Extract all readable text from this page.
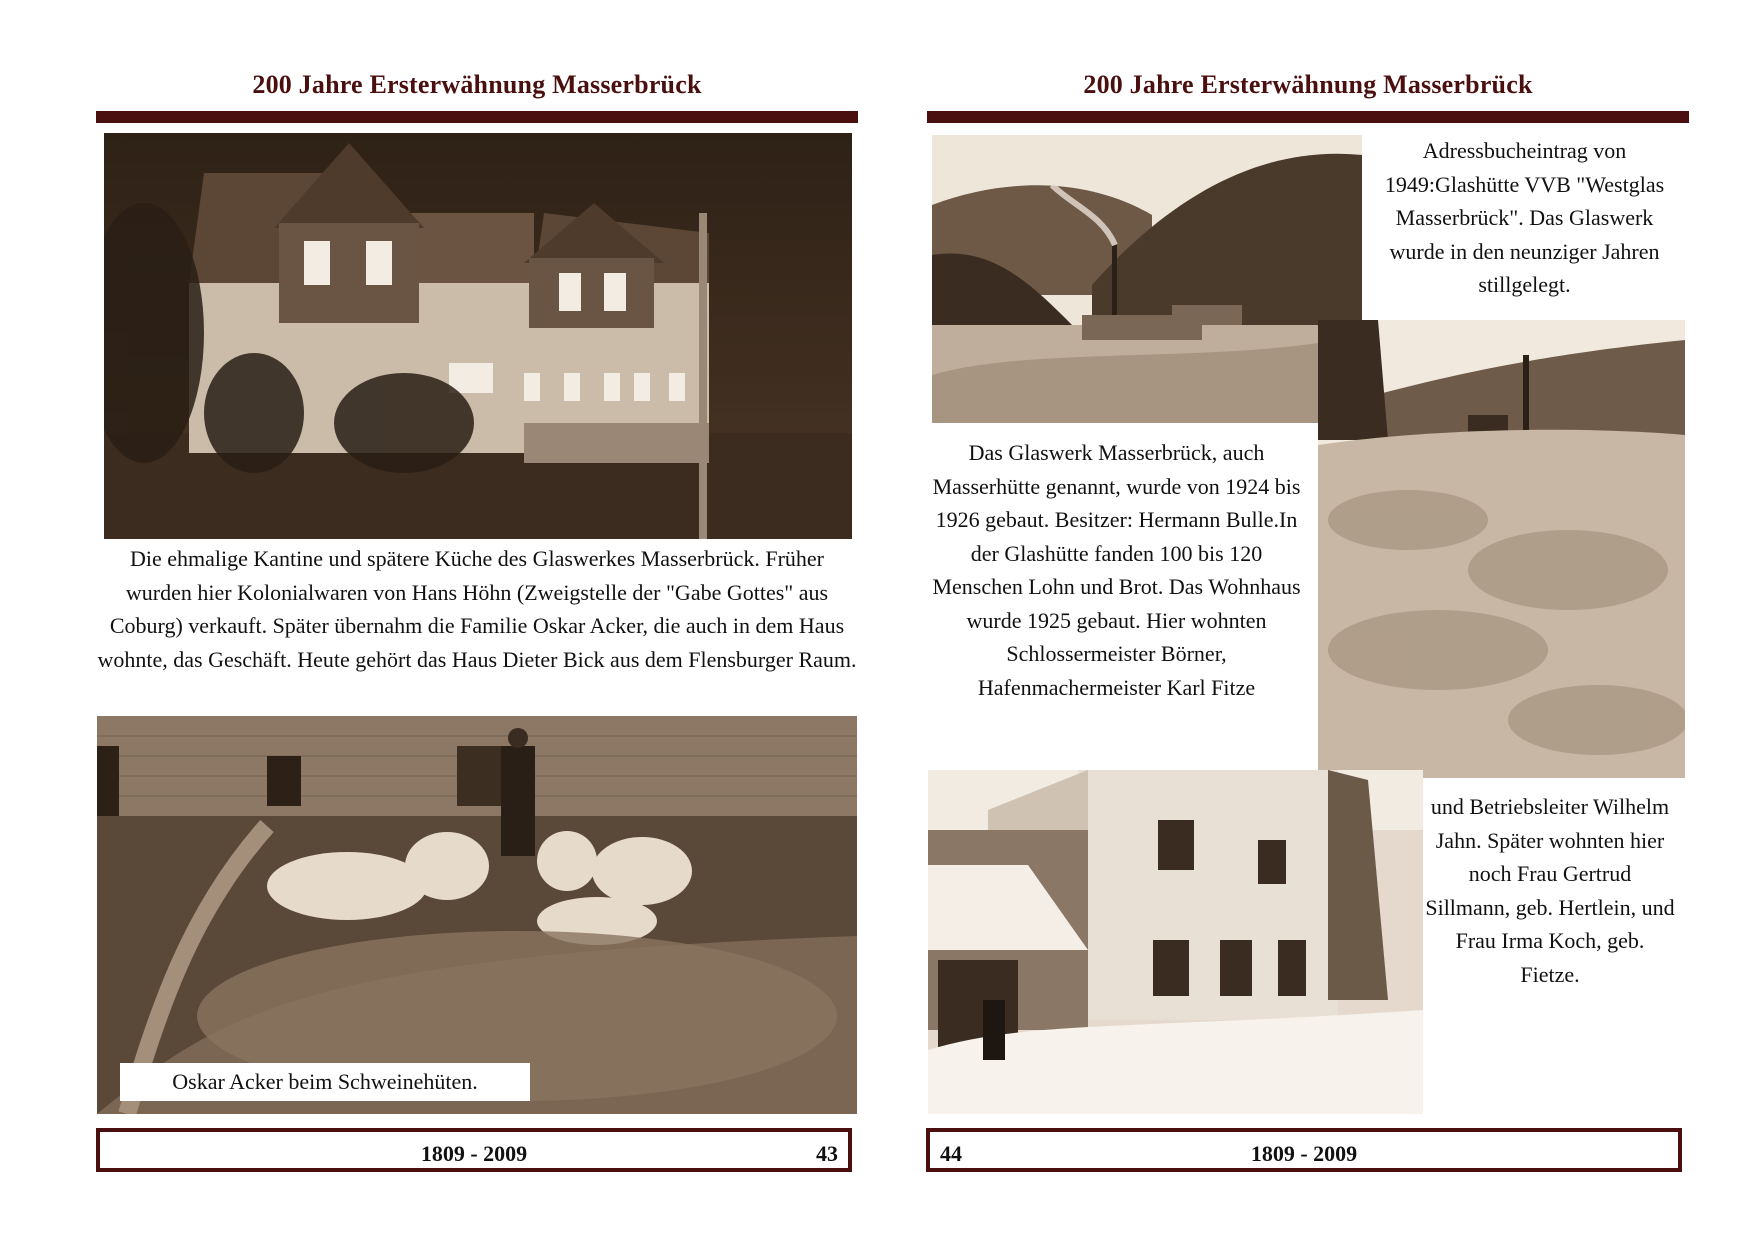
200 Jahre Ersterwähnung Masserbrück
Die ehmalige Kantine und spätere Küche des Glaswerkes Masserbrück. Früher wurden hier Kolonialwaren von Hans Höhn (Zweigstelle der "Gabe Gottes" aus Coburg) verkauft. Später übernahm die Familie Oskar Acker, die auch in dem Haus wohnte, das Geschäft. Heute gehört das Haus Dieter Bick aus dem Flensburger Raum.
Oskar Acker beim Schweinehüten.
1809 - 2009	43
200 Jahre Ersterwähnung Masserbrück
Adressbucheintrag von 1949:Glashütte VVB "Westglas Masserbrück". Das Glaswerk wurde in den neunziger Jahren stillgelegt.
Das Glaswerk Masserbrück, auch Masserhütte genannt, wurde von 1924 bis 1926 gebaut. Besitzer: Hermann Bulle.In der Glashütte fanden 100 bis 120 Menschen Lohn und Brot. Das Wohnhaus wurde 1925 gebaut. Hier wohnten Schlossermeister Börner, Hafenmachermeister Karl Fitze
und Betriebsleiter Wilhelm Jahn. Später wohnten hier noch Frau Gertrud Sillmann, geb. Hertlein, und Frau Irma Koch, geb. Fietze.
44	1809 - 2009
